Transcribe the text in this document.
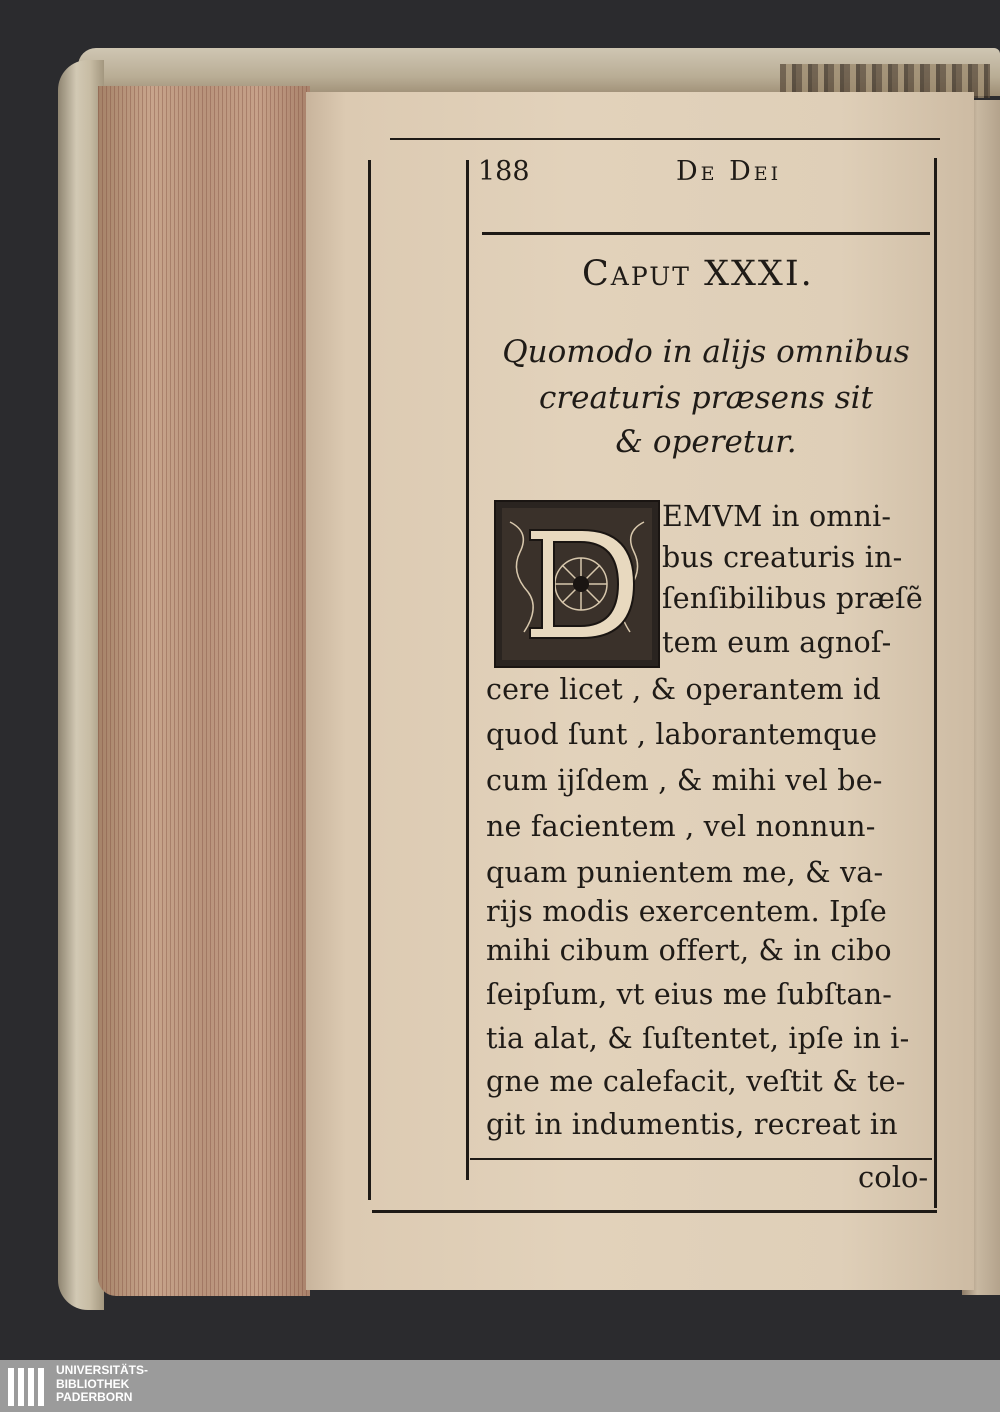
188	De Dei
Caput XXXI.
Quomodo in alijs omnibus
creaturis præsens sit
& operetur.
EMVM in omni-
bus creaturis in-
ſenſibilibus præſẽ
tem eum agnoſ-
cere licet , & operantem id
quod ſunt , laborantemque
cum ijſdem , & mihi vel be-
ne facientem , vel nonnun-
quam punientem me, & va-
rijs modis exercentem. Ipſe
mihi cibum offert, & in cibo
ſeipſum, vt eius me ſubſtan-
tia alat, & ſuſtentet, ipſe in i-
gne me calefacit, veſtit & te-
git in indumentis, recreat in
colo-
UNIVERSITÄTS-
BIBLIOTHEK
PADERBORN
